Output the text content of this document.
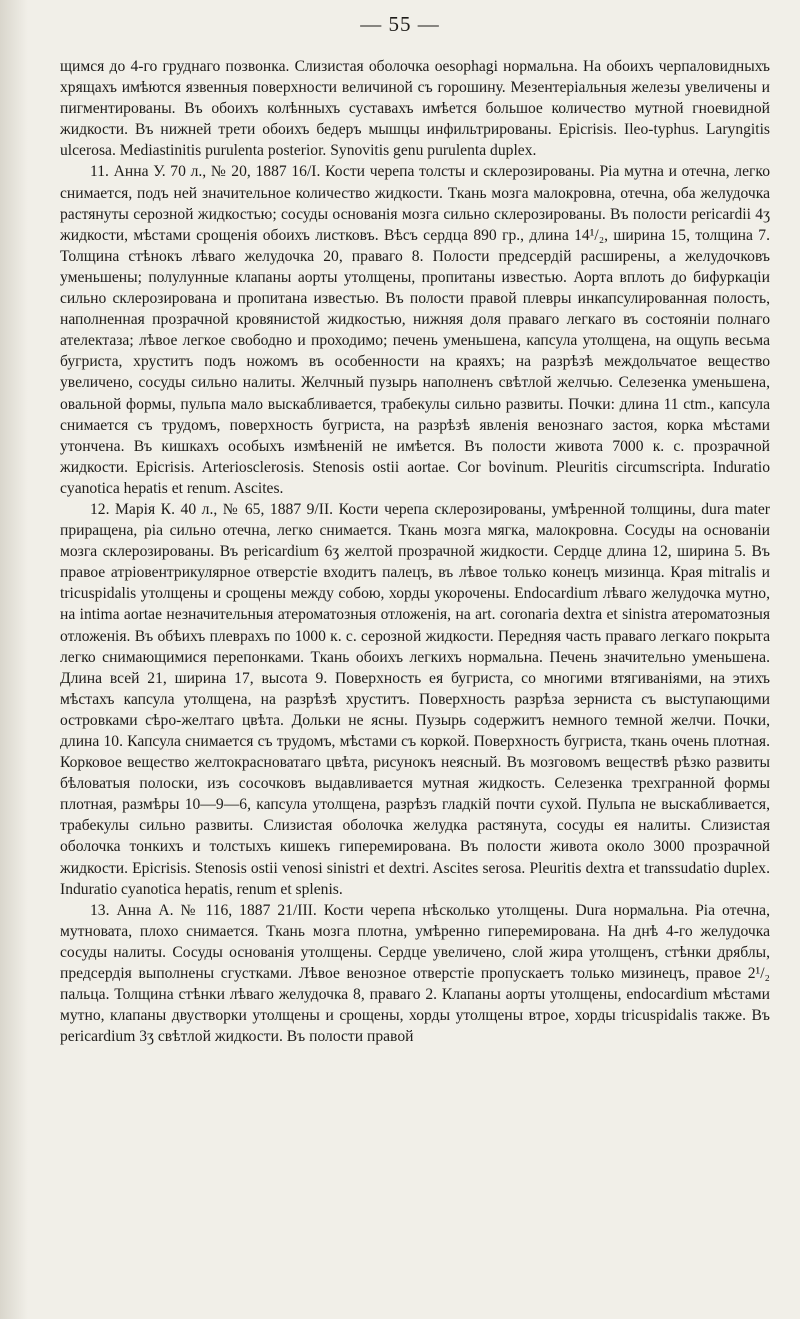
— 55 —

щимся до 4-го груднаго позвонка. Слизистая оболочка oesophagi нормальна. На обоихъ черпаловидныхъ хрящахъ имѣются язвенныя поверхности величиной съ горошину. Мезентеріальныя железы увеличены и пигментированы. Въ обоихъ колѣнныхъ суставахъ имѣется большое количество мутной гноевидной жидкости. Въ нижней трети обоихъ бедеръ мышцы инфильтрированы. Epicrisis. Ileo-typhus. Laryngitis ulcerosa. Mediastinitis purulenta posterior. Synovitis genu purulenta duplex.

11. Анна У. 70 л., № 20, 1887 16/I. Кости черепа толсты и склерозированы. Pia мутна и отечна, легко снимается, подъ ней значительное количество жидкости. Ткань мозга малокровна, отечна, оба желудочка растянуты серозной жидкостью; сосуды основанія мозга сильно склерозированы. Въ полости pericardii 4ʒ жидкости, мѣстами срощенія обоихъ листковъ. Вѣсъ сердца 890 гр., длина 14¹/₂, ширина 15, толщина 7. Толщина стѣнокъ лѣваго желудочка 20, праваго 8. Полости предсердій расширены, а желудочковъ уменьшены; полулунные клапаны аорты утолщены, пропитаны известью. Аорта вплоть до бифуркаціи сильно склерозирована и пропитана известью. Въ полости правой плевры инкапсулированная полость, наполненная прозрачной кровянистой жидкостью, нижняя доля праваго легкаго въ состояніи полнаго ателектаза; лѣвое легкое свободно и проходимо; печень уменьшена, капсула утолщена, на ощупь весьма бугриста, хруститъ подъ ножомъ въ особенности на краяхъ; на разрѣзѣ междольчатое вещество увеличено, сосуды сильно налиты. Желчный пузырь наполненъ свѣтлой желчью. Селезенка уменьшена, овальной формы, пульпа мало выскабливается, трабекулы сильно развиты. Почки: длина 11 ctm., капсула снимается съ трудомъ, поверхность бугриста, на разрѣзѣ явленія венознаго застоя, корка мѣстами утончена. Въ кишкахъ особыхъ измѣненій не имѣется. Въ полости живота 7000 к. с. прозрачной жидкости. Epicrisis. Arteriosclerosis. Stenosis ostii aortae. Cor bovinum. Pleuritis circumscripta. Induratio cyanotica hepatis et renum. Ascites.

12. Марія К. 40 л., № 65, 1887 9/II. Кости черепа склерозированы, умѣренной толщины, dura mater приращена, pia сильно отечна, легко снимается. Ткань мозга мягка, малокровна. Сосуды на основаніи мозга склерозированы. Въ pericardium 6ʒ желтой прозрачной жидкости. Сердце длина 12, ширина 5. Въ правое атріовентрикулярное отверстіе входитъ палецъ, въ лѣвое только конецъ мизинца. Края mitralis и tricuspidalis утолщены и срощены между собою, хорды укорочены. Endocardium лѣваго желудочка мутно, на intima aortae незначительныя атероматозныя отложенія, на art. coronaria dextra et sinistra атероматозныя отложенія. Въ обѣихъ плеврахъ по 1000 к. с. серозной жидкости. Передняя часть праваго легкаго покрыта легко снимающимися перепонками. Ткань обоихъ легкихъ нормальна. Печень значительно уменьшена. Длина всей 21, ширина 17, высота 9. Поверхность ея бугриста, со многими втягиваніями, на этихъ мѣстахъ капсула утолщена, на разрѣзѣ хруститъ. Поверхность разрѣза зерниста съ выступающими островками сѣро-желтаго цвѣта. Дольки не ясны. Пузырь содержитъ немного темной желчи. Почки, длина 10. Капсула снимается съ трудомъ, мѣстами съ коркой. Поверхность бугриста, ткань очень плотная. Корковое вещество желтокрасноватаго цвѣта, рисунокъ неясный. Въ мозговомъ веществѣ рѣзко развиты бѣловатыя полоски, изъ сосочковъ выдавливается мутная жидкость. Селезенка трехгранной формы плотная, размѣры 10—9—6, капсула утолщена, разрѣзъ гладкій почти сухой. Пульпа не выскабливается, трабекулы сильно развиты. Слизистая оболочка желудка растянута, сосуды ея налиты. Слизистая оболочка тонкихъ и толстыхъ кишекъ гиперемирована. Въ полости живота около 3000 прозрачной жидкости. Epicrisis. Stenosis ostii venosi sinistri et dextri. Ascites serosa. Pleuritis dextra et transsudatio duplex. Induratio cyanotica hepatis, renum et splenis.

13. Анна А. № 116, 1887 21/III. Кости черепа нѣсколько утолщены. Dura нормальна. Pia отечна, мутновата, плохо снимается. Ткань мозга плотна, умѣренно гиперемирована. На днѣ 4-го желудочка сосуды налиты. Сосуды основанія утолщены. Сердце увеличено, слой жира утолщенъ, стѣнки дряблы, предсердія выполнены сгустками. Лѣвое венозное отверстіе пропускаетъ только мизинецъ, правое 2¹/₂ пальца. Толщина стѣнки лѣваго желудочка 8, праваго 2. Клапаны аорты утолщены, endocardium мѣстами мутно, клапаны двустворки утолщены и срощены, хорды утолщены втрое, хорды tricuspidalis также. Въ pericardium 3ʒ свѣтлой жидкости. Въ полости правой
